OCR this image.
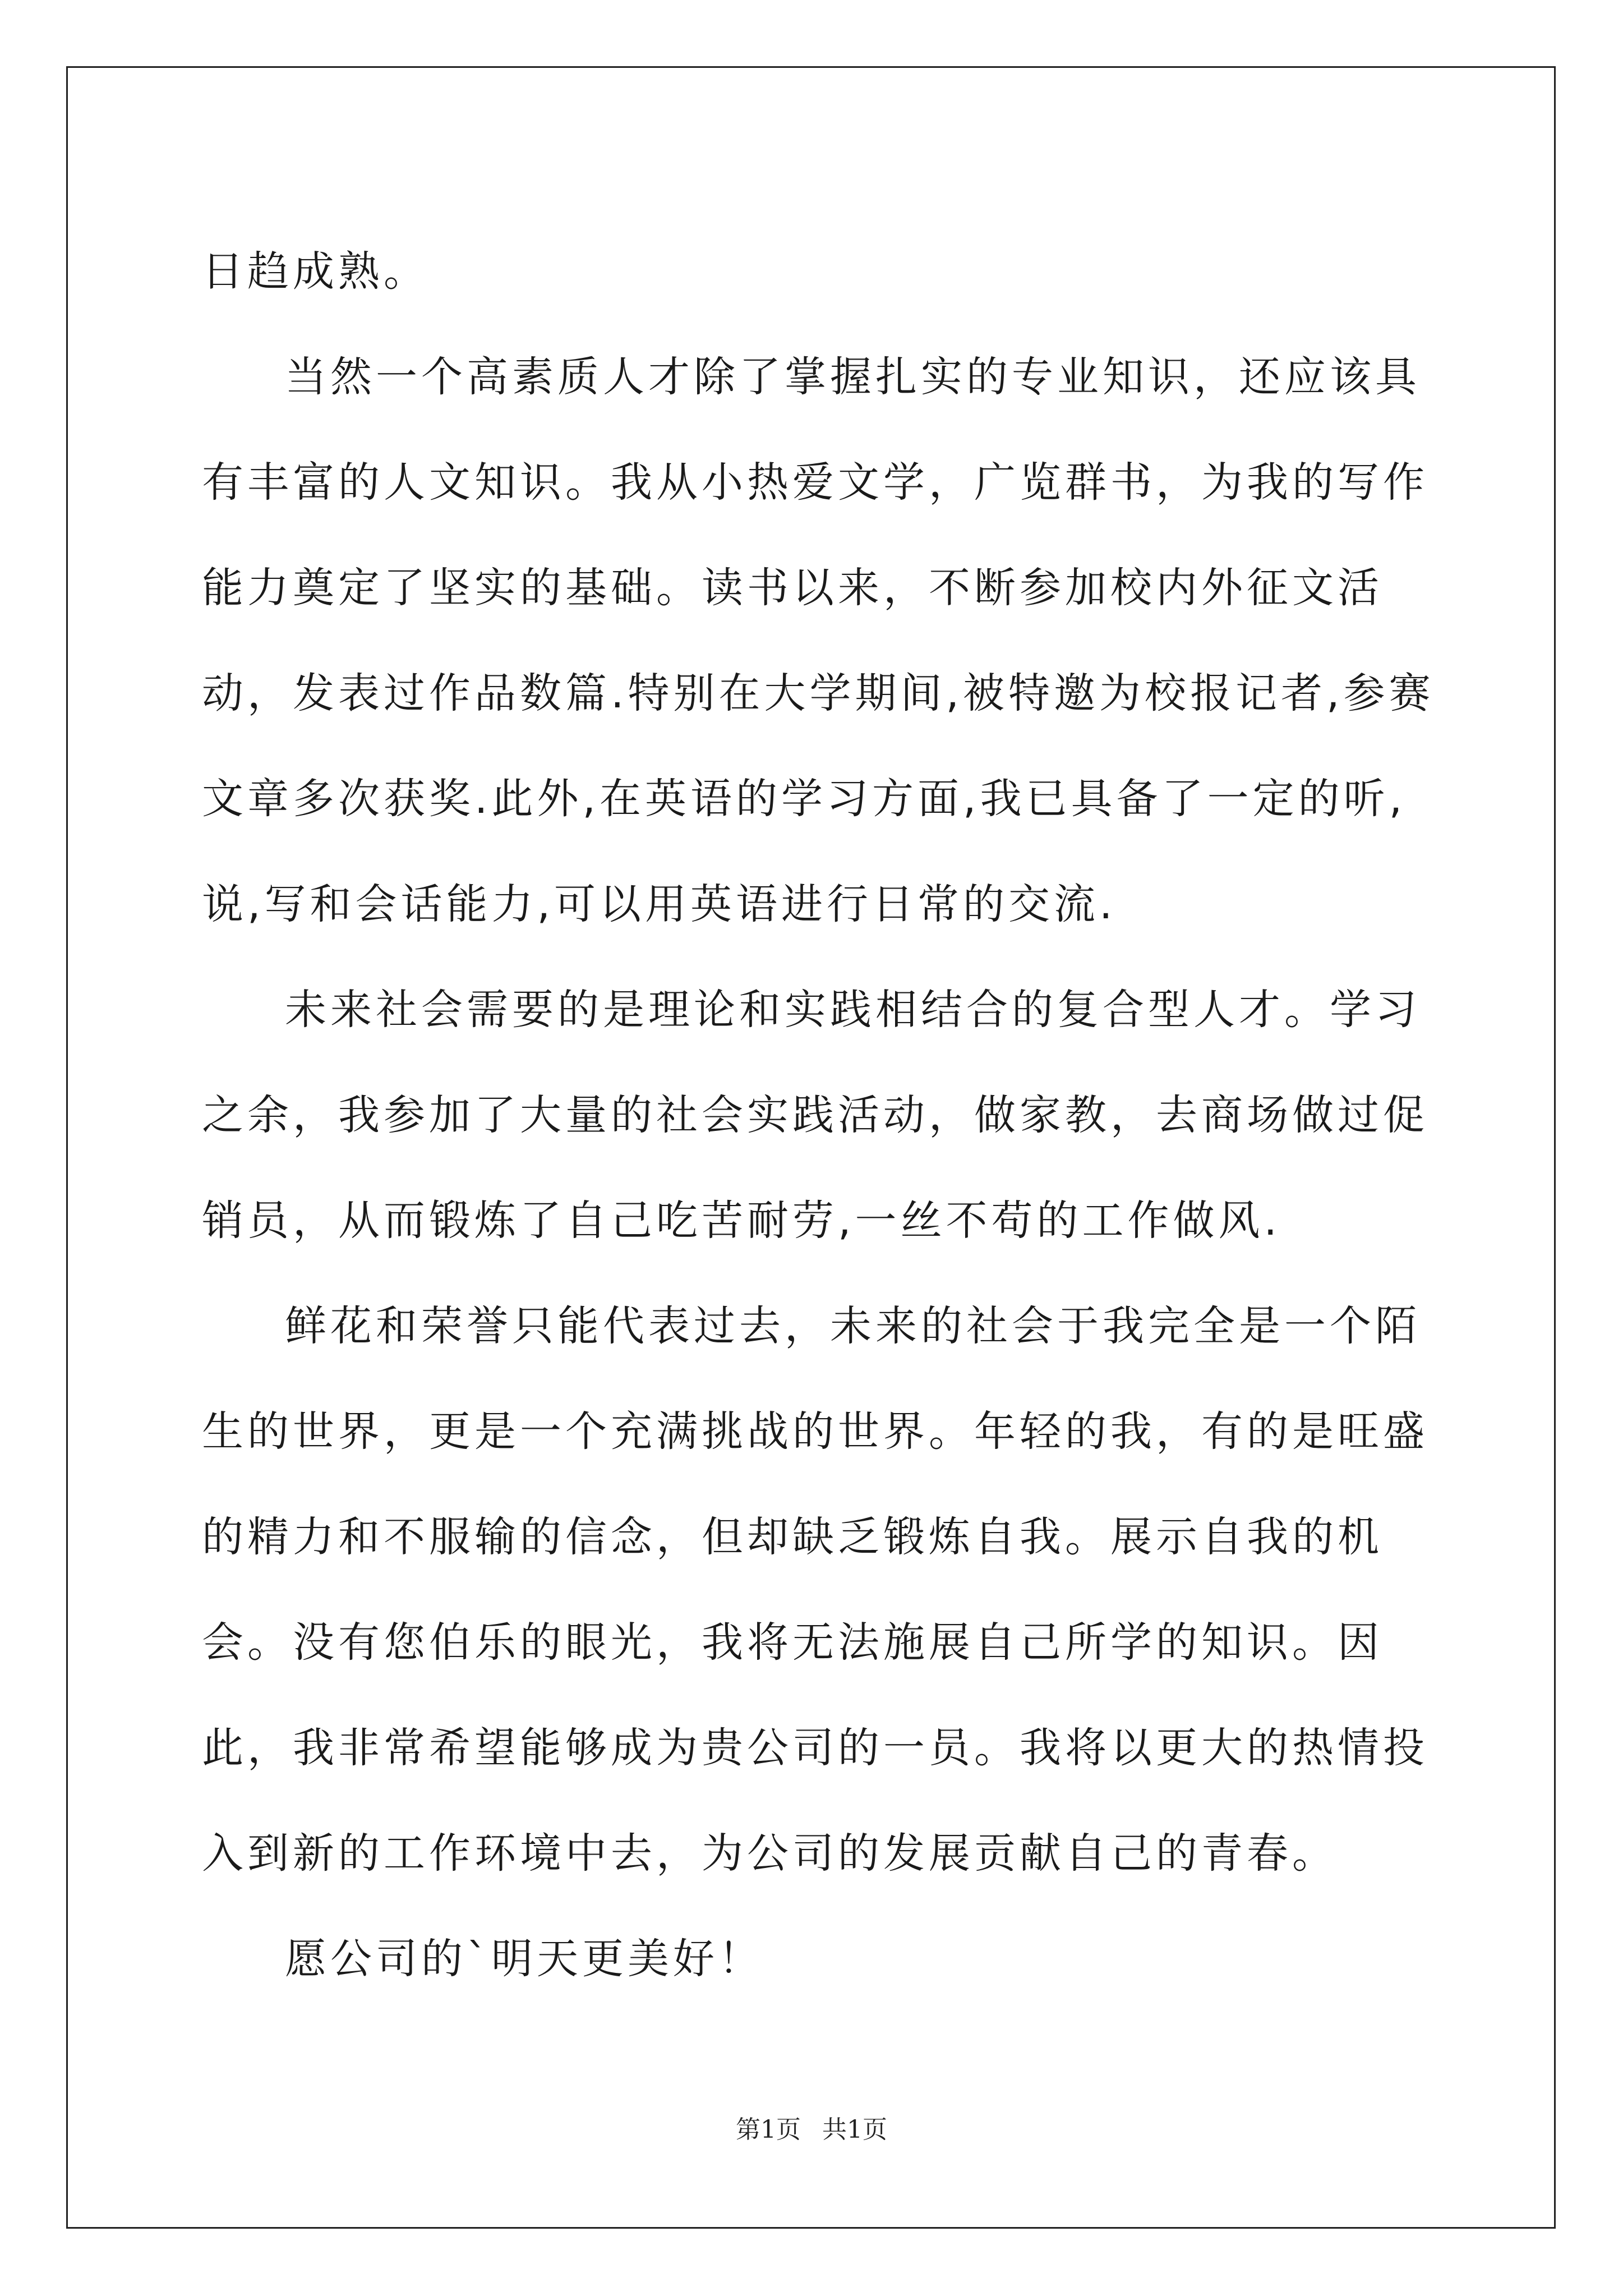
日趋成熟。

当然一个高素质人才除了掌握扎实的专业知识，还应该具有丰富的人文知识。我从小热爱文学，广览群书，为我的写作能力奠定了坚实的基础。读书以来，不断参加校内外征文活动，发表过作品数篇.特别在大学期间,被特邀为校报记者,参赛文章多次获奖.此外,在英语的学习方面,我已具备了一定的听,说,写和会话能力,可以用英语进行日常的交流.

未来社会需要的是理论和实践相结合的复合型人才。学习之余，我参加了大量的社会实践活动，做家教，去商场做过促销员，从而锻炼了自己吃苦耐劳,一丝不苟的工作做风.

鲜花和荣誉只能代表过去，未来的社会于我完全是一个陌生的世界，更是一个充满挑战的世界。年轻的我，有的是旺盛的精力和不服输的信念，但却缺乏锻炼自我。展示自我的机会。没有您伯乐的眼光，我将无法施展自己所学的知识。因此，我非常希望能够成为贵公司的一员。我将以更大的热情投入到新的工作环境中去，为公司的发展贡献自己的青春。

愿公司的`明天更美好！

第1页 共1页
